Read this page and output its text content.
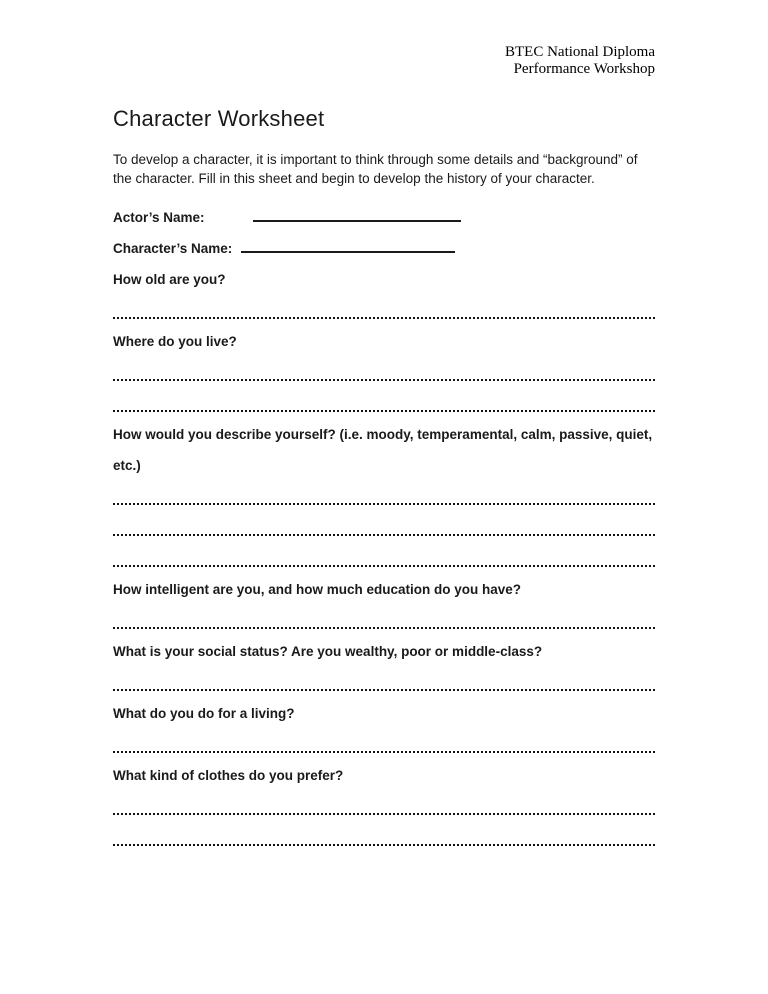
BTEC National Diploma
Performance Workshop
Character Worksheet

To develop a character, it is important to think through some details and “background” of the character. Fill in this sheet and begin to develop the history of your character.

Actor’s Name:
Character’s Name:
How old are you?
Where do you live?
How would you describe yourself? (i.e. moody, temperamental, calm, passive, quiet, etc.)
How intelligent are you, and how much education do you have?
What is your social status? Are you wealthy, poor or middle-class?
What do you do for a living?
What kind of clothes do you prefer?
